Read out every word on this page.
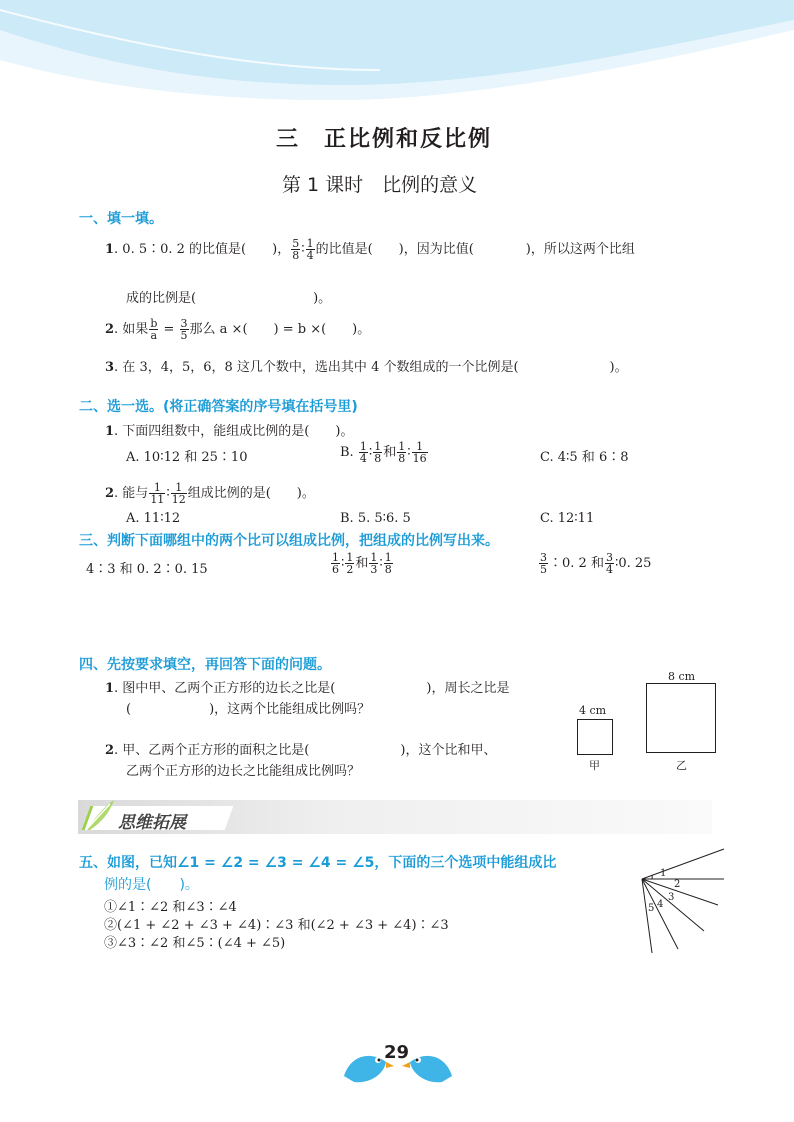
三　正比例和反比例
第 1 课时　比例的意义
一、填一填。
1. 0. 5∶0. 2 的比值是(　　)， $\frac{5}{8}$ ∶ $\frac{1}{4}$ 的比值是(　　)，因为比值(　　　　)，所以这两个比组
成的比例是(　　　　　　　　　)。
2. 如果 $\frac{b}{a} = \frac{3}{5}$ 那么 a ×(　　) = b ×(　　)。
3. 在 3，4，5，6，8 这几个数中，选出其中 4 个数组成的一个比例是(　　　　　　　)。
二、选一选。(将正确答案的序号填在括号里)
1. 下面四组数中，能组成比例的是(　　)。
A. 10∶12 和 25∶10	B. $\frac{1}{4}$ ∶ $\frac{1}{8}$ 和 $\frac{1}{8}$ ∶ $\frac{1}{16}$	C. 4∶5 和 6∶8
2. 能与 $\frac{1}{11}$ ∶ $\frac{1}{12}$ 组成比例的是(　　)。
A. 11∶12	B. 5. 5∶6. 5	C. 12∶11
三、判断下面哪组中的两个比可以组成比例，把组成的比例写出来。
4∶3 和 0. 2∶0. 15	$\frac{1}{6}$ ∶ $\frac{1}{2}$ 和 $\frac{1}{3}$ ∶ $\frac{1}{8}$	$\frac{3}{5}$ ∶0. 2 和 $\frac{3}{4}$ ∶0. 25
四、先按要求填空，再回答下面的问题。
1. 图中甲、乙两个正方形的边长之比是(　　　　　　　)，周长之比是
(　　　　　　)，这两个比能组成比例吗？
2. 甲、乙两个正方形的面积之比是(　　　　　　　)，这个比和甲、
乙两个正方形的边长之比能组成比例吗？
4 cm
甲
8 cm
乙
思维拓展
五、如图，已知∠1 = ∠2 = ∠3 = ∠4 = ∠5，下面的三个选项中能组成比
例的是(　　)。
①∠1∶∠2 和∠3∶∠4
②(∠1 + ∠2 + ∠3 + ∠4)∶∠3 和(∠2 + ∠3 + ∠4)∶∠3
③∠3∶∠2 和∠5∶(∠4 + ∠5)
1
2
3
4
5
29
